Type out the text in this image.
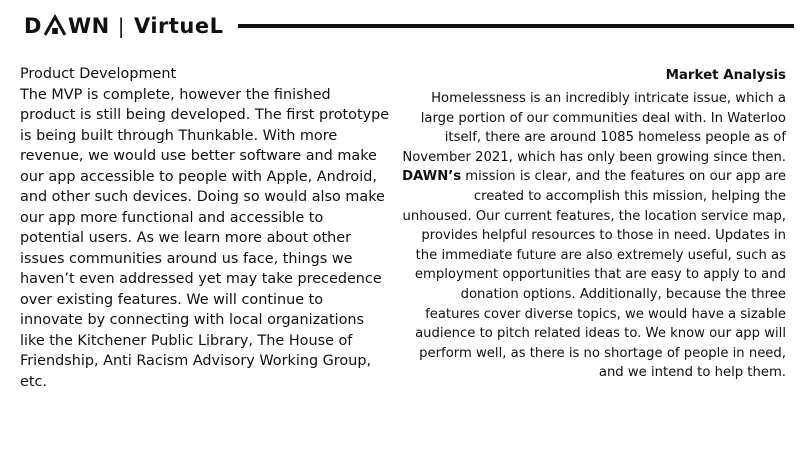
D WN | VirtueL
Product Development

The MVP is complete, however the finished product is still being developed. The first prototype is being built through Thunkable. With more revenue, we would use better software and make our app accessible to people with Apple, Android, and other such devices. Doing so would also make our app more functional and accessible to potential users. As we learn more about other issues communities around us face, things we haven’t even addressed yet may take precedence over existing features. We will continue to innovate by connecting with local organizations like the Kitchener Public Library, The House of Friendship, Anti Racism Advisory Working Group, etc.

Market Analysis

Homelessness is an incredibly intricate issue, which a large portion of our communities deal with. In Waterloo itself, there are around 1085 homeless people as of November 2021, which has only been growing since then. DAWN’s mission is clear, and the features on our app are created to accomplish this mission, helping the unhoused. Our current features, the location service map, provides helpful resources to those in need. Updates in the immediate future are also extremely useful, such as employment opportunities that are easy to apply to and donation options. Additionally, because the three features cover diverse topics, we would have a sizable audience to pitch related ideas to. We know our app will perform well, as there is no shortage of people in need, and we intend to help them.
